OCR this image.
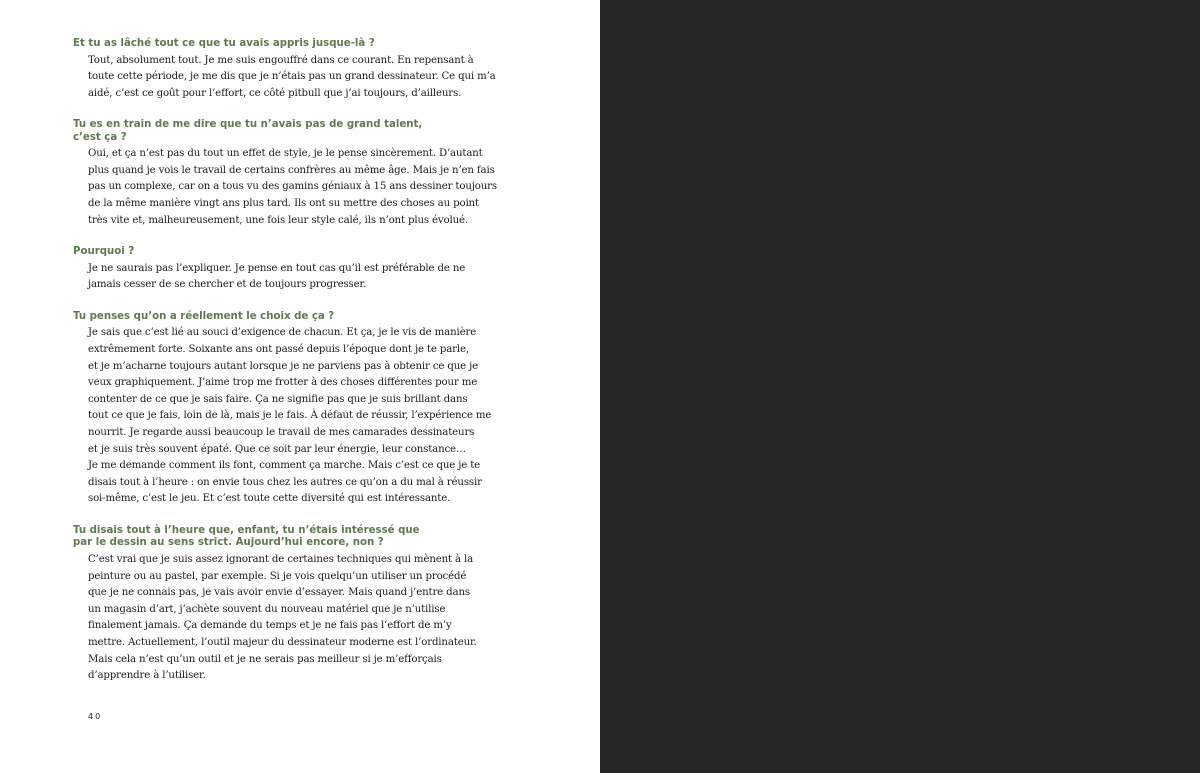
Et tu as lâché tout ce que tu avais appris jusque-là ?

Tout, absolument tout. Je me suis engouffré dans ce courant. En repensant à
toute cette période, je me dis que je n’étais pas un grand dessinateur. Ce qui m’a
aidé, c’est ce goût pour l’effort, ce côté pitbull que j’ai toujours, d’ailleurs.

Tu es en train de me dire que tu n’avais pas de grand talent,
c’est ça ?

Oui, et ça n’est pas du tout un effet de style, je le pense sincèrement. D’autant
plus quand je vois le travail de certains confrères au même âge. Mais je n’en fais
pas un complexe, car on a tous vu des gamins géniaux à 15 ans dessiner toujours
de la même manière vingt ans plus tard. Ils ont su mettre des choses au point
très vite et, malheureusement, une fois leur style calé, ils n’ont plus évolué.

Pourquoi ?

Je ne saurais pas l’expliquer. Je pense en tout cas qu’il est préférable de ne
jamais cesser de se chercher et de toujours progresser.

Tu penses qu’on a réellement le choix de ça ?

Je sais que c’est lié au souci d’exigence de chacun. Et ça, je le vis de manière
extrêmement forte. Soixante ans ont passé depuis l’époque dont je te parle,
et je m’acharne toujours autant lorsque je ne parviens pas à obtenir ce que je
veux graphiquement. J’aime trop me frotter à des choses différentes pour me
contenter de ce que je sais faire. Ça ne signifie pas que je suis brillant dans
tout ce que je fais, loin de là, mais je le fais. À défaut de réussir, l’expérience me
nourrit. Je regarde aussi beaucoup le travail de mes camarades dessinateurs
et je suis très souvent épaté. Que ce soit par leur énergie, leur constance…
Je me demande comment ils font, comment ça marche. Mais c’est ce que je te
disais tout à l’heure : on envie tous chez les autres ce qu’on a du mal à réussir
soi-même, c’est le jeu. Et c’est toute cette diversité qui est intéressante.

Tu disais tout à l’heure que, enfant, tu n’étais intéressé que
par le dessin au sens strict. Aujourd’hui encore, non ?

C’est vrai que je suis assez ignorant de certaines techniques qui mènent à la
peinture ou au pastel, par exemple. Si je vois quelqu’un utiliser un procédé
que je ne connais pas, je vais avoir envie d’essayer. Mais quand j’entre dans
un magasin d’art, j’achète souvent du nouveau matériel que je n’utilise
finalement jamais. Ça demande du temps et je ne fais pas l’effort de m’y
mettre. Actuellement, l’outil majeur du dessinateur moderne est l’ordinateur.
Mais cela n’est qu’un outil et je ne serais pas meilleur si je m’efforçais
d’apprendre à l’utiliser.

40
